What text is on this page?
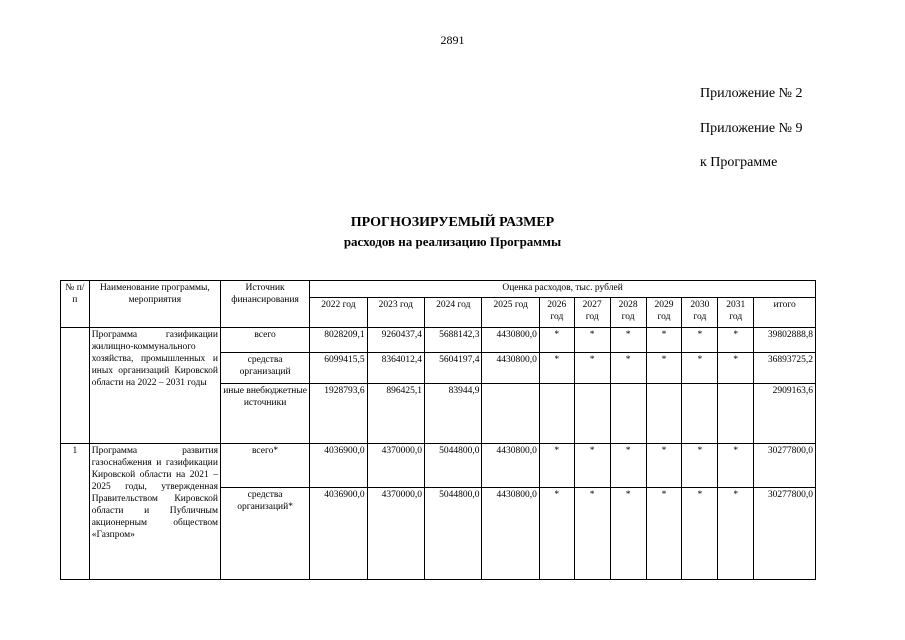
2891
Приложение № 2
Приложение № 9
к Программе
ПРОГНОЗИРУЕМЫЙ РАЗМЕР
расходов на реализацию Программы
№ п/п	Наименование программы, мероприятия	Источник финансирования	Оценка расходов, тыс. рублей										
			2022 год	2023 год	2024 год	2025 год	2026 год	2027 год	2028 год	2029 год	2030 год	2031 год	итого
	Программа газификации жилищно-коммунального хозяйства, промышленных и иных организаций Кировской области на 2022 – 2031 годы	всего	8028209,1	9260437,4	5688142,3	4430800,0	*	*	*	*	*	*	39802888,8
		средства организаций	6099415,5	8364012,4	5604197,4	4430800,0	*	*	*	*	*	*	36893725,2
		иные внебюджетные источники	1928793,6	896425,1	83944,9								2909163,6
1	Программа развития газоснабжения и газификации Кировской области на 2021 – 2025 годы, утвержденная Правительством Кировской области и Публичным акционерным обществом «Газпром»	всего*	4036900,0	4370000,0	5044800,0	4430800,0	*	*	*	*	*	*	30277800,0
		средства организаций*	4036900,0	4370000,0	5044800,0	4430800,0	*	*	*	*	*	*	30277800,0
